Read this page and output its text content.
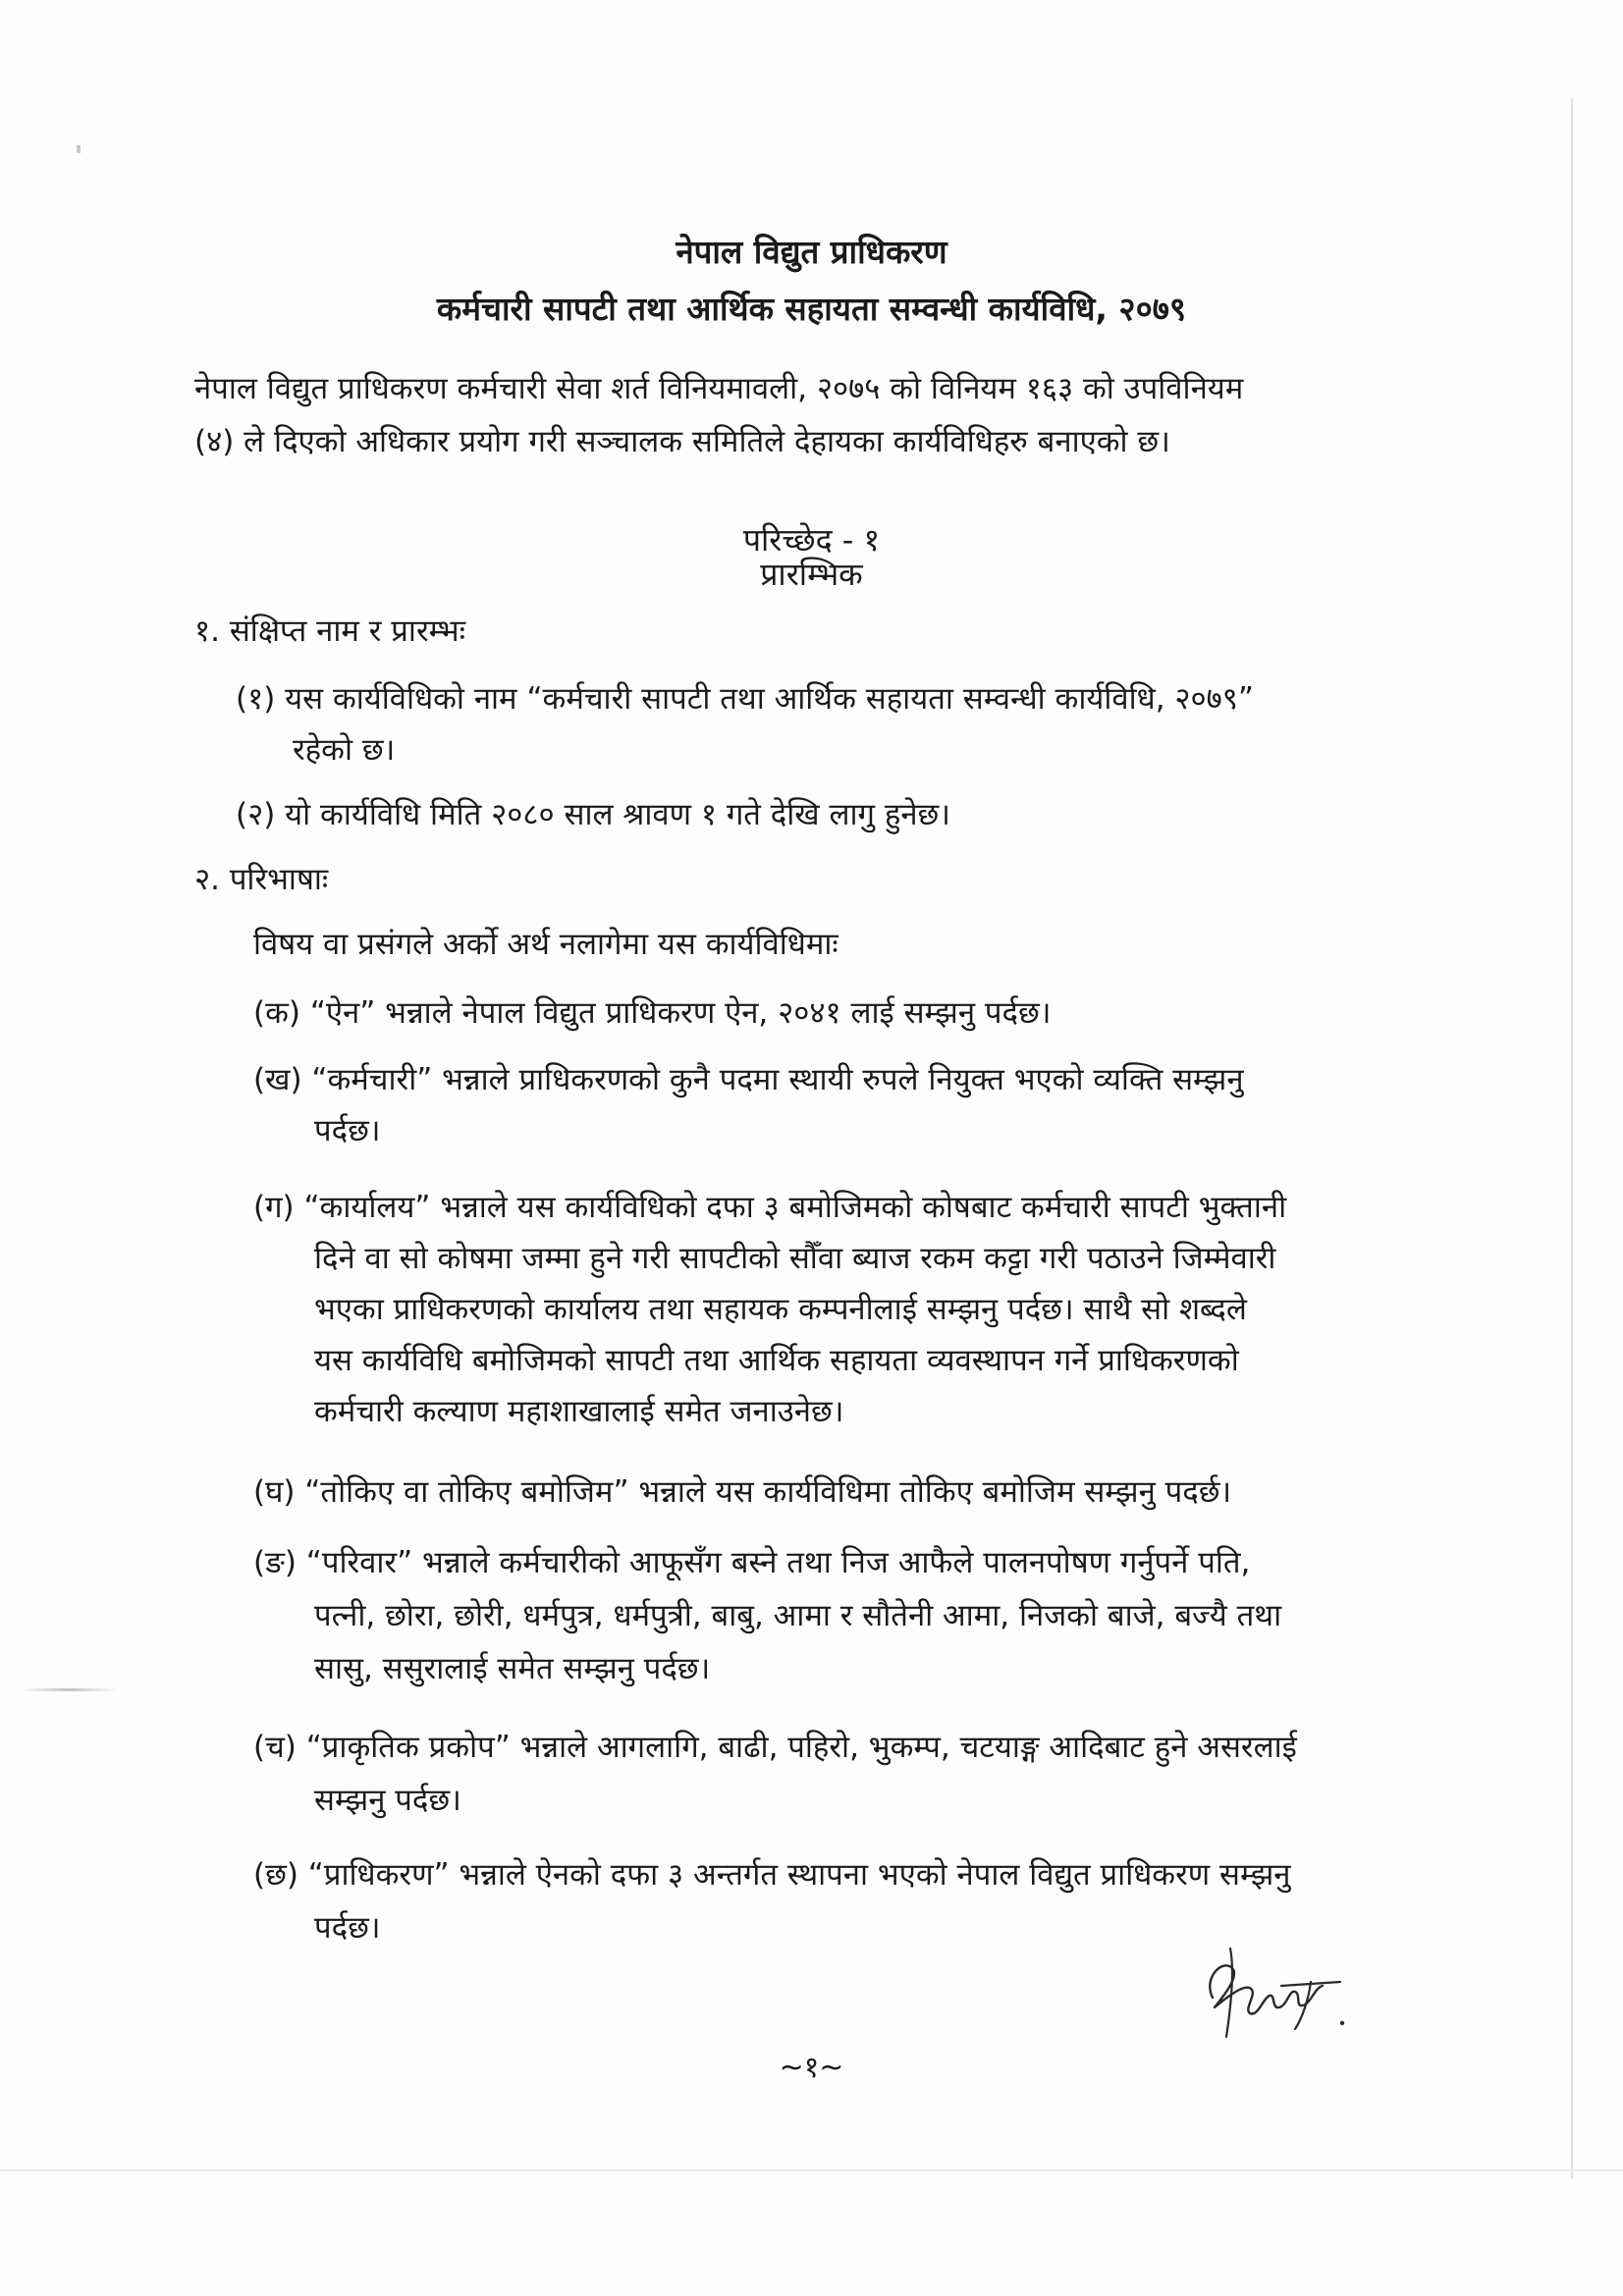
नेपाल विद्युत प्राधिकरण
कर्मचारी सापटी तथा आर्थिक सहायता सम्वन्धी कार्यविधि, २०७९
नेपाल विद्युत प्राधिकरण कर्मचारी सेवा शर्त विनियमावली, २०७५ को विनियम १६३ को उपविनियम
(४) ले दिएको अधिकार प्रयोग गरी सञ्चालक समितिले देहायका कार्यविधिहरु बनाएको छ।
परिच्छेद - १
प्रारम्भिक
१. संक्षिप्त नाम र प्रारम्भः
(१) यस कार्यविधिको नाम “कर्मचारी सापटी तथा आर्थिक सहायता सम्वन्धी कार्यविधि, २०७९”
रहेको छ।
(२) यो कार्यविधि मिति २०८० साल श्रावण १ गते देखि लागु हुनेछ।
२. परिभाषाः
विषय वा प्रसंगले अर्को अर्थ नलागेमा यस कार्यविधिमाः
(क) “ऐन” भन्नाले नेपाल विद्युत प्राधिकरण ऐन, २०४१ लाई सम्झनु पर्दछ।
(ख) “कर्मचारी” भन्नाले प्राधिकरणको कुनै पदमा स्थायी रुपले नियुक्त भएको व्यक्ति सम्झनु
पर्दछ।
(ग) “कार्यालय” भन्नाले यस कार्यविधिको दफा ३ बमोजिमको कोषबाट कर्मचारी सापटी भुक्तानी
दिने वा सो कोषमा जम्मा हुने गरी सापटीको सौँवा ब्याज रकम कट्टा गरी पठाउने जिम्मेवारी
भएका प्राधिकरणको कार्यालय तथा सहायक कम्पनीलाई सम्झनु पर्दछ। साथै सो शब्दले
यस कार्यविधि बमोजिमको सापटी तथा आर्थिक सहायता व्यवस्थापन गर्ने प्राधिकरणको
कर्मचारी कल्याण महाशाखालाई समेत जनाउनेछ।
(घ) “तोकिए वा तोकिए बमोजिम” भन्नाले यस कार्यविधिमा तोकिए बमोजिम सम्झनु पदर्छ।
(ङ) “परिवार” भन्नाले कर्मचारीको आफूसँग बस्ने तथा निज आफैले पालनपोषण गर्नुपर्ने पति,
पत्नी, छोरा, छोरी, धर्मपुत्र, धर्मपुत्री, बाबु, आमा र सौतेनी आमा, निजको बाजे, बज्यै तथा
सासु, ससुरालाई समेत सम्झनु पर्दछ।
(च) “प्राकृतिक प्रकोप” भन्नाले आगलागि, बाढी, पहिरो, भुकम्प, चटयाङ्ग आदिबाट हुने असरलाई
सम्झनु पर्दछ।
(छ) “प्राधिकरण” भन्नाले ऐनको दफा ३ अन्तर्गत स्थापना भएको नेपाल विद्युत प्राधिकरण सम्झनु
पर्दछ।
~१~
